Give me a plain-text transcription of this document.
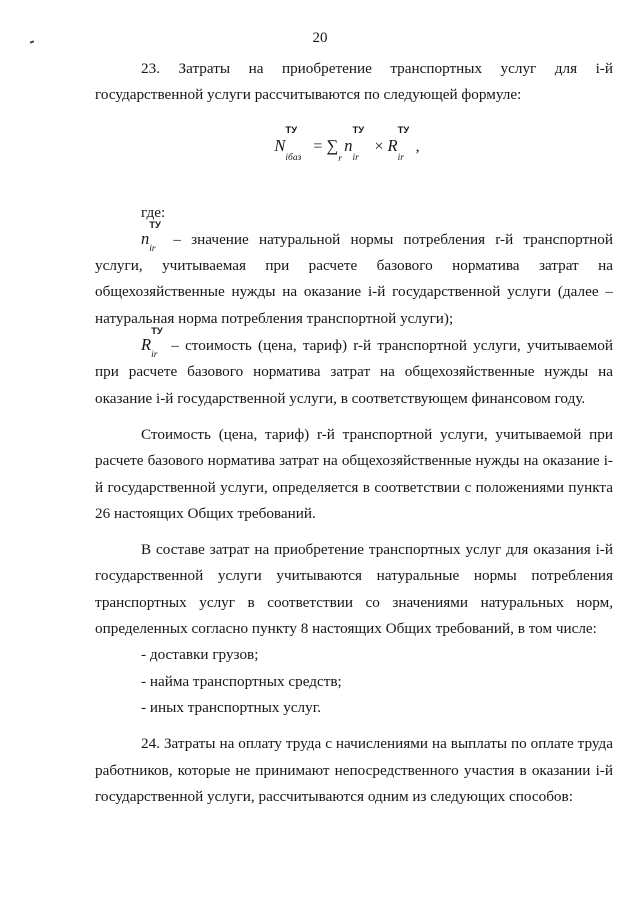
20

23. Затраты на приобретение транспортных услуг для i-й государственной услуги рассчитываются по следующей формуле:

N
ТУ
iбаз
= ∑
r
n
ТУ
ir
× R
ТУ
ir
,

где:

n
ТУ
ir
– значение натуральной нормы потребления r-й транспортной услуги, учитываемая при расчете базового норматива затрат на общехозяйственные нужды на оказание i-й государственной услуги (далее – натуральная норма потребления транспортной услуги);

R
ТУ
ir
– стоимость (цена, тариф) r-й транспортной услуги, учитываемой при расчете базового норматива затрат на общехозяйственные нужды на оказание i-й государственной услуги, в соответствующем финансовом году.

Стоимость (цена, тариф) r-й транспортной услуги, учитываемой при расчете базового норматива затрат на общехозяйственные нужды на оказание i-й государственной услуги, определяется в соответствии с положениями пункта 26 настоящих Общих требований.

В составе затрат на приобретение транспортных услуг для оказания i-й государственной услуги учитываются натуральные нормы потребления транспортных услуг в соответствии со значениями натуральных норм, определенных согласно пункту 8 настоящих Общих требований, в том числе:

- доставки грузов;

- найма транспортных средств;

- иных транспортных услуг.

24. Затраты на оплату труда с начислениями на выплаты по оплате труда работников, которые не принимают непосредственного участия в оказании i-й государственной услуги, рассчитываются одним из следующих способов:
